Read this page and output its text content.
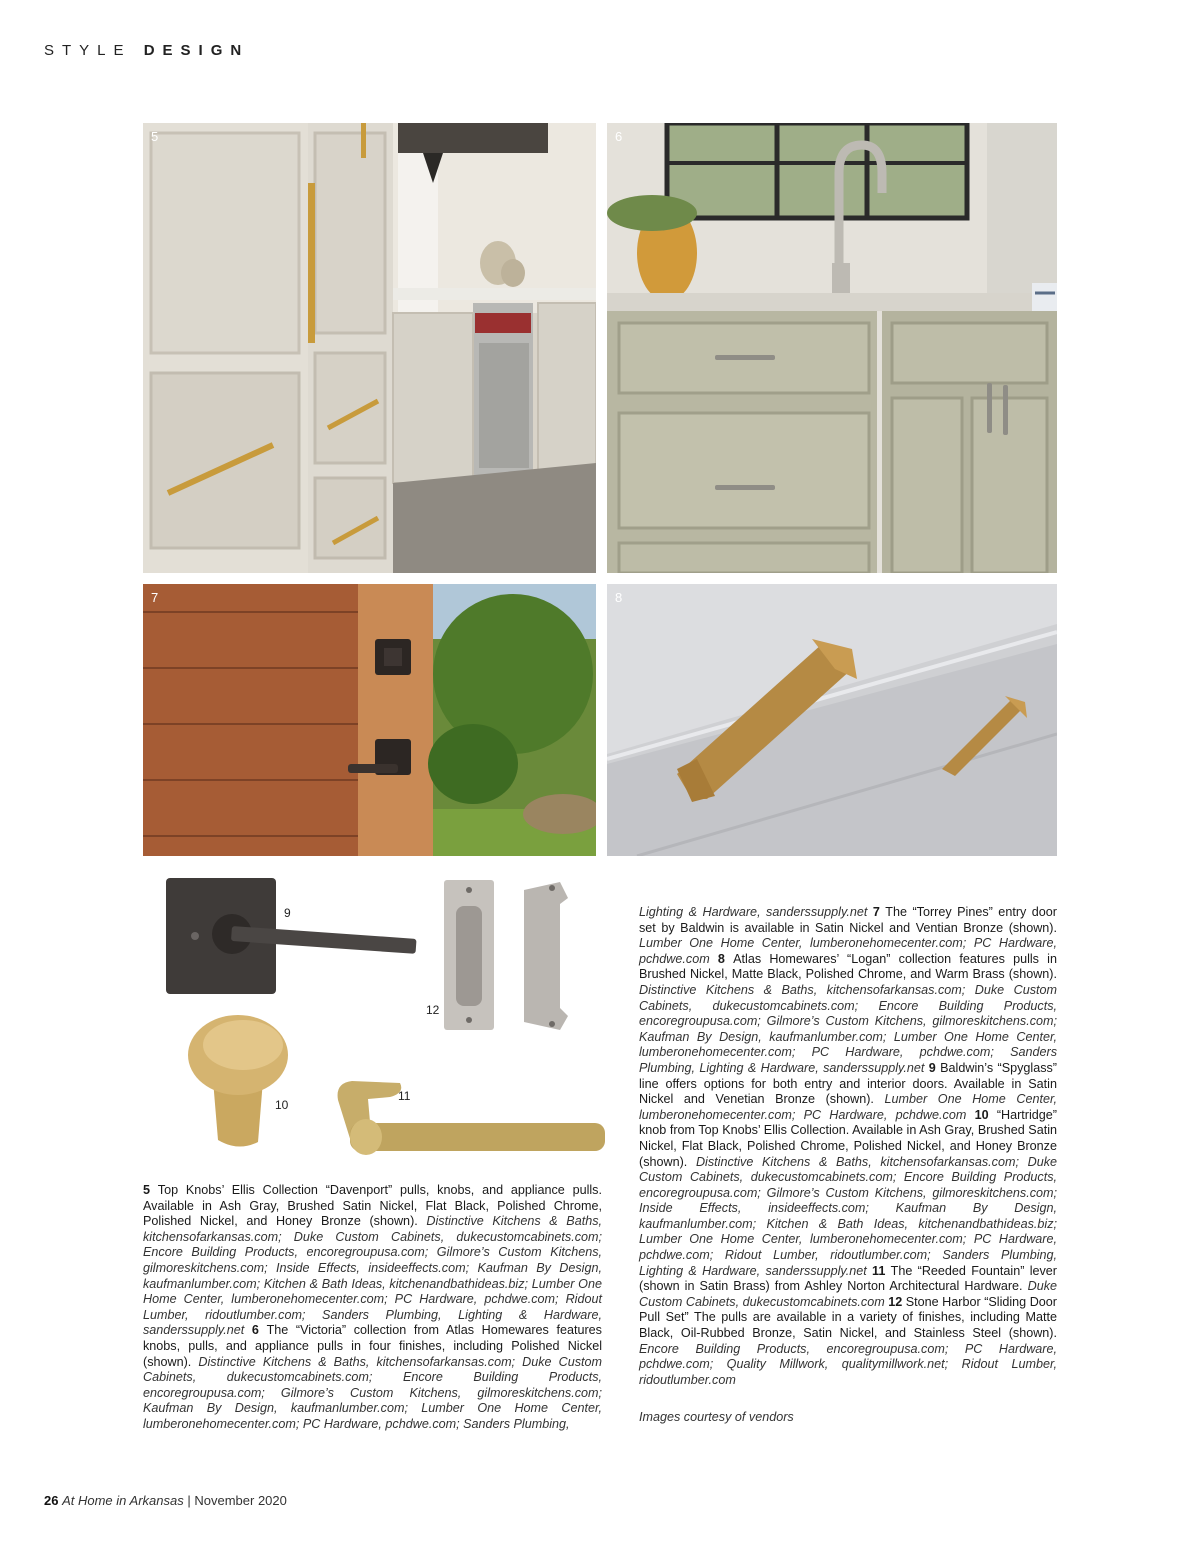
STYLE DESIGN
5	6
7	8
9
10
11
12

5 Top Knobs’ Ellis Collection “Davenport” pulls, knobs, and appliance pulls. Available in Ash Gray, Brushed Satin Nickel, Flat Black, Polished Chrome, Polished Nickel, and Honey Bronze (shown). Distinctive Kitchens & Baths, kitchensofarkansas.com; Duke Custom Cabinets, dukecustomcabinets.com; Encore Building Products, encoregroupusa.com; Gilmore’s Custom Kitchens, gilmoreskitchens.com; Inside Effects, insideeffects.com; Kaufman By Design, kaufmanlumber.com; Kitchen & Bath Ideas, kitchenandbathideas.biz; Lumber One Home Center, lumberonehomecenter.com; PC Hardware, pchdwe.com; Ridout Lumber, ridoutlumber.com; Sanders Plumbing, Lighting & Hardware, sanderssupply.net 6 The “Victoria” collection from Atlas Homewares features knobs, pulls, and appliance pulls in four finishes, including Polished Nickel (shown). Distinctive Kitchens & Baths, kitchensofarkansas.com; Duke Custom Cabinets, dukecustomcabinets.com; Encore Building Products, encoregroupusa.com; Gilmore’s Custom Kitchens, gilmoreskitchens.com; Kaufman By Design, kaufmanlumber.com; Lumber One Home Center, lumberonehomecenter.com; PC Hardware, pchdwe.com; Sanders Plumbing,

Lighting & Hardware, sanderssupply.net 7 The “Torrey Pines” entry door set by Baldwin is available in Satin Nickel and Ventian Bronze (shown). Lumber One Home Center, lumberonehomecenter.com; PC Hardware, pchdwe.com 8 Atlas Homewares’ “Logan” collection features pulls in Brushed Nickel, Matte Black, Polished Chrome, and Warm Brass (shown). Distinctive Kitchens & Baths, kitchensofarkansas.com; Duke Custom Cabinets, dukecustomcabinets.com; Encore Building Products, encoregroupusa.com; Gilmore’s Custom Kitchens, gilmoreskitchens.com; Kaufman By Design, kaufmanlumber.com; Lumber One Home Center, lumberonehomecenter.com; PC Hardware, pchdwe.com; Sanders Plumbing, Lighting & Hardware, sanderssupply.net 9 Baldwin’s “Spyglass” line offers options for both entry and interior doors. Available in Satin Nickel and Venetian Bronze (shown). Lumber One Home Center, lumberonehomecenter.com; PC Hardware, pchdwe.com 10 “Hartridge” knob from Top Knobs’ Ellis Collection. Available in Ash Gray, Brushed Satin Nickel, Flat Black, Polished Chrome, Polished Nickel, and Honey Bronze (shown). Distinctive Kitchens & Baths, kitchensofarkansas.com; Duke Custom Cabinets, dukecustomcabinets.com; Encore Building Products, encoregroupusa.com; Gilmore’s Custom Kitchens, gilmoreskitchens.com; Inside Effects, insideeffects.com; Kaufman By Design, kaufmanlumber.com; Kitchen & Bath Ideas, kitchenandbathideas.biz; Lumber One Home Center, lumberonehomecenter.com; PC Hardware, pchdwe.com; Ridout Lumber, ridoutlumber.com; Sanders Plumbing, Lighting & Hardware, sanderssupply.net 11 The “Reeded Fountain” lever (shown in Satin Brass) from Ashley Norton Architectural Hardware. Duke Custom Cabinets, dukecustomcabinets.com 12 Stone Harbor “Sliding Door Pull Set” The pulls are available in a variety of finishes, including Matte Black, Oil-Rubbed Bronze, Satin Nickel, and Stainless Steel (shown). Encore Building Products, encoregroupusa.com; PC Hardware, pchdwe.com; Quality Millwork, qualitymillwork.net; Ridout Lumber, ridoutlumber.com

Images courtesy of vendors
26 At Home in Arkansas | November 2020
